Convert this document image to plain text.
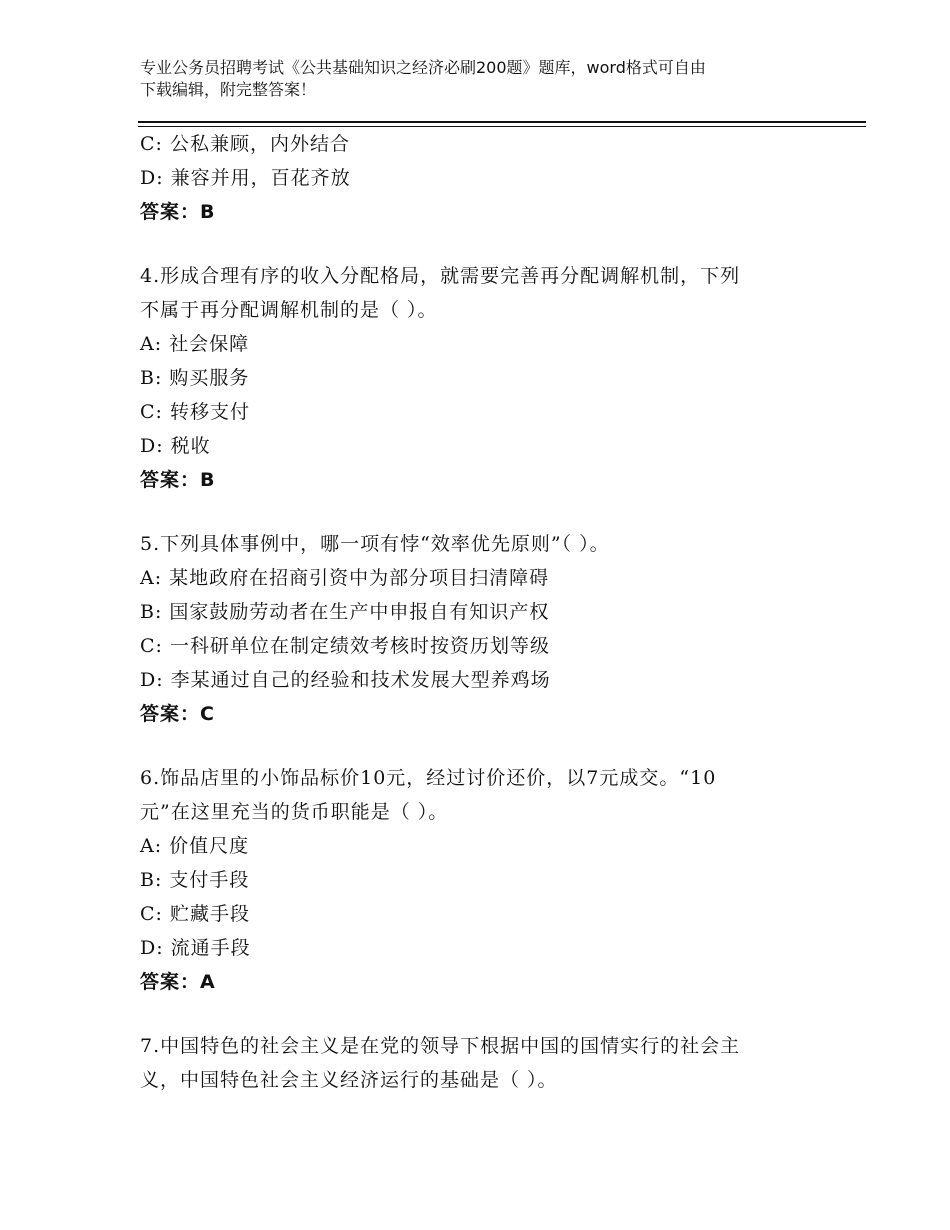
专业公务员招聘考试《公共基础知识之经济必刷200题》题库，word格式可自由
下载编辑，附完整答案！
C: 公私兼顾，内外结合
D: 兼容并用，百花齐放
答案：B
4.形成合理有序的收入分配格局，就需要完善再分配调解机制，下列
不属于再分配调解机制的是（ ）。
A: 社会保障
B: 购买服务
C: 转移支付
D: 税收
答案：B
5.下列具体事例中，哪一项有悖“效率优先原则”（ ）。
A: 某地政府在招商引资中为部分项目扫清障碍
B: 国家鼓励劳动者在生产中申报自有知识产权
C: 一科研单位在制定绩效考核时按资历划等级
D: 李某通过自己的经验和技术发展大型养鸡场
答案：C
6.饰品店里的小饰品标价10元，经过讨价还价，以7元成交。“10
元”在这里充当的货币职能是（ ）。
A: 价值尺度
B: 支付手段
C: 贮藏手段
D: 流通手段
答案：A
7.中国特色的社会主义是在党的领导下根据中国的国情实行的社会主
义，中国特色社会主义经济运行的基础是（ ）。
